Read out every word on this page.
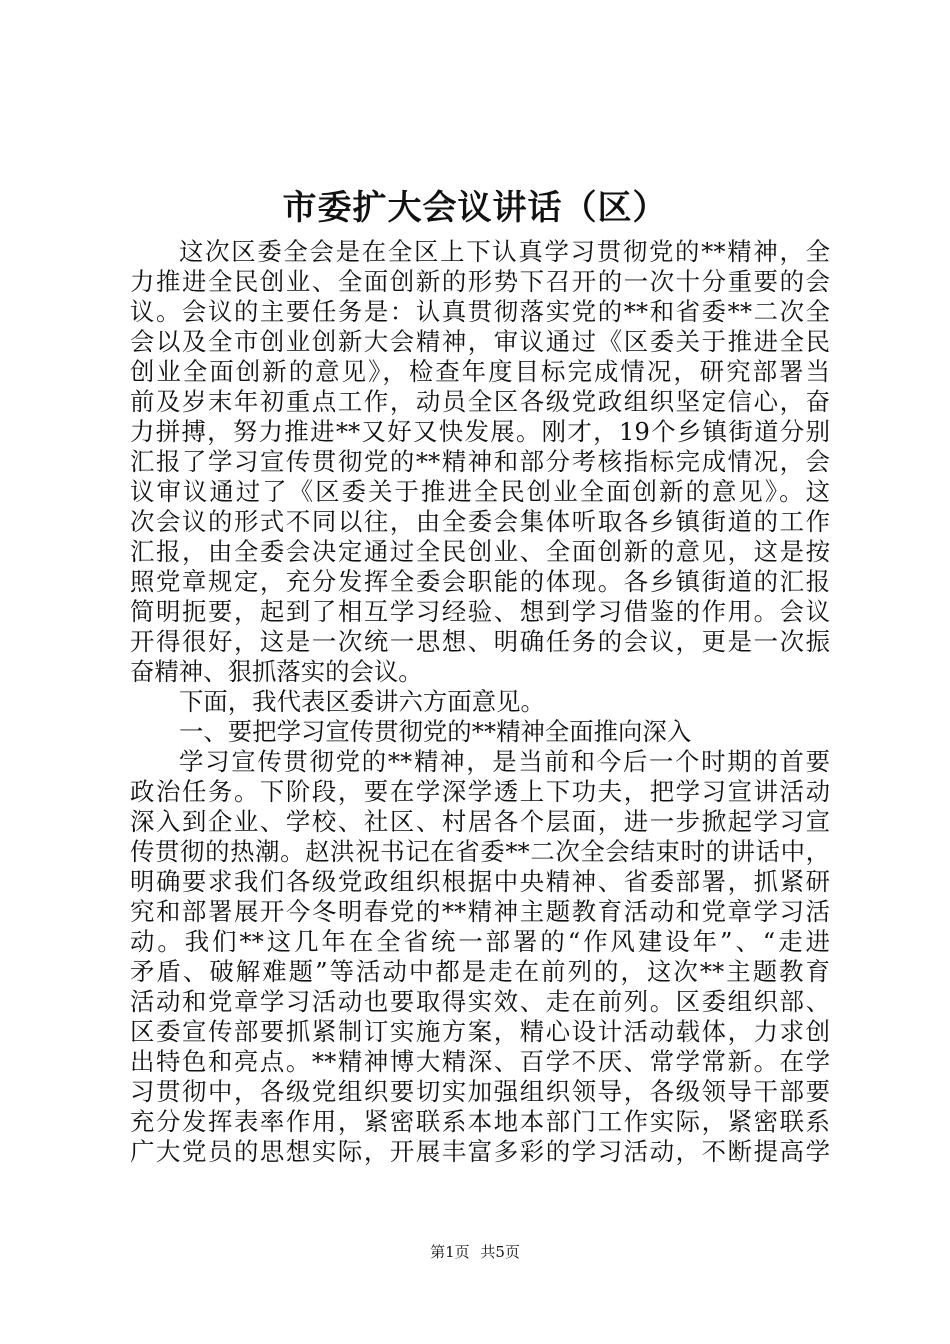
市委扩大会议讲话（区）
这次区委全会是在全区上下认真学习贯彻党的**精神，全
力推进全民创业、全面创新的形势下召开的一次十分重要的会
议。会议的主要任务是：认真贯彻落实党的**和省委**二次全
会以及全市创业创新大会精神，审议通过《区委关于推进全民
创业全面创新的意见》，检查年度目标完成情况，研究部署当
前及岁末年初重点工作，动员全区各级党政组织坚定信心，奋
力拼搏，努力推进**又好又快发展。刚才，19个乡镇街道分别
汇报了学习宣传贯彻党的**精神和部分考核指标完成情况，会
议审议通过了《区委关于推进全民创业全面创新的意见》。这
次会议的形式不同以往，由全委会集体听取各乡镇街道的工作
汇报，由全委会决定通过全民创业、全面创新的意见，这是按
照党章规定，充分发挥全委会职能的体现。各乡镇街道的汇报
简明扼要，起到了相互学习经验、想到学习借鉴的作用。会议
开得很好，这是一次统一思想、明确任务的会议，更是一次振
奋精神、狠抓落实的会议。
下面，我代表区委讲六方面意见。
一、要把学习宣传贯彻党的**精神全面推向深入
学习宣传贯彻党的**精神，是当前和今后一个时期的首要
政治任务。下阶段，要在学深学透上下功夫，把学习宣讲活动
深入到企业、学校、社区、村居各个层面，进一步掀起学习宣
传贯彻的热潮。赵洪祝书记在省委**二次全会结束时的讲话中，
明确要求我们各级党政组织根据中央精神、省委部署，抓紧研
究和部署展开今冬明春党的**精神主题教育活动和党章学习活
动。我们**这几年在全省统一部署的“作风建设年”、“走进
矛盾、破解难题”等活动中都是走在前列的，这次**主题教育
活动和党章学习活动也要取得实效、走在前列。区委组织部、
区委宣传部要抓紧制订实施方案，精心设计活动载体，力求创
出特色和亮点。**精神博大精深、百学不厌、常学常新。在学
习贯彻中，各级党组织要切实加强组织领导，各级领导干部要
充分发挥表率作用，紧密联系本地本部门工作实际，紧密联系
广大党员的思想实际，开展丰富多彩的学习活动，不断提高学
第1页 共5页
